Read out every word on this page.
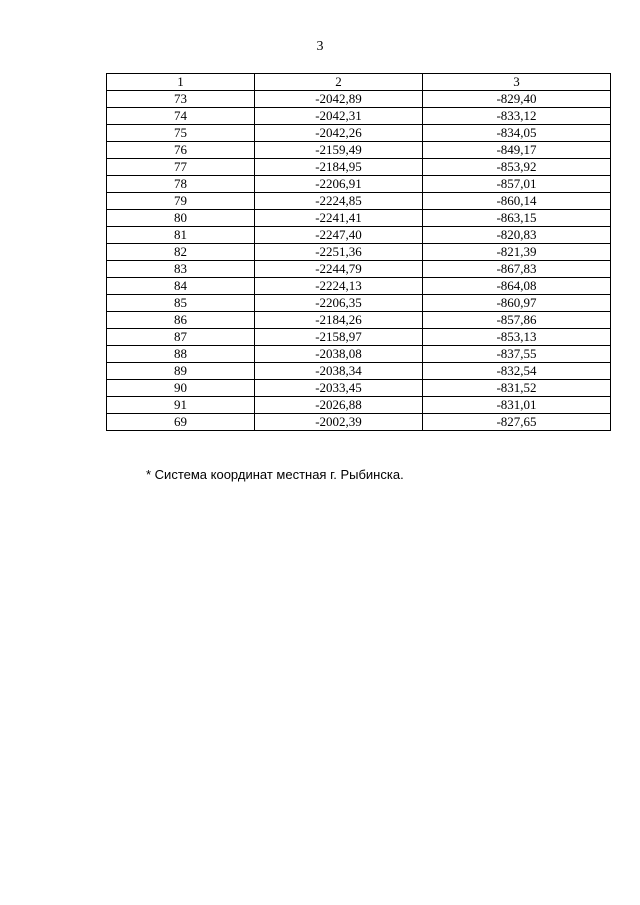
3
1	2	3
73	-2042,89	-829,40
74	-2042,31	-833,12
75	-2042,26	-834,05
76	-2159,49	-849,17
77	-2184,95	-853,92
78	-2206,91	-857,01
79	-2224,85	-860,14
80	-2241,41	-863,15
81	-2247,40	-820,83
82	-2251,36	-821,39
83	-2244,79	-867,83
84	-2224,13	-864,08
85	-2206,35	-860,97
86	-2184,26	-857,86
87	-2158,97	-853,13
88	-2038,08	-837,55
89	-2038,34	-832,54
90	-2033,45	-831,52
91	-2026,88	-831,01
69	-2002,39	-827,65
* Система координат местная г. Рыбинска.
